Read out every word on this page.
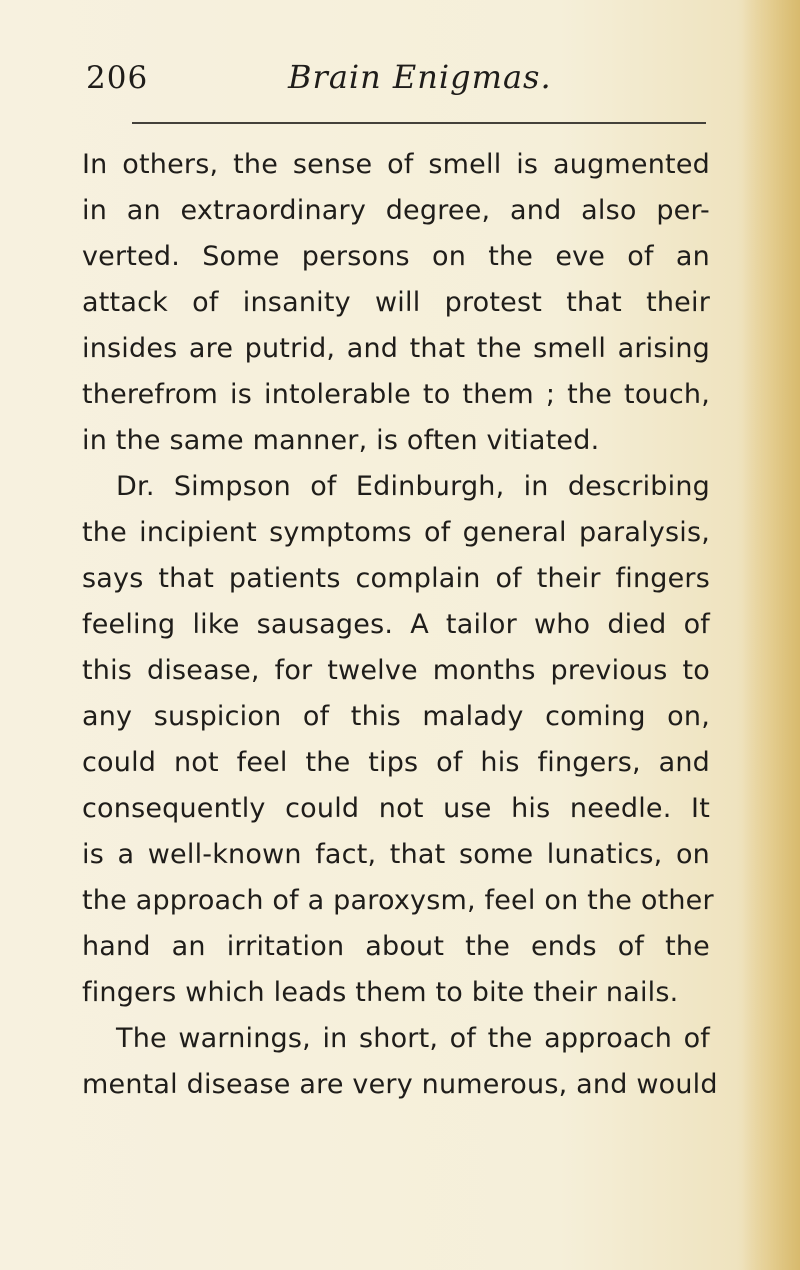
206	Brain Enigmas.
In others, the sense of smell is augmented
in an extraordinary degree, and also per-
verted. Some persons on the eve of an
attack of insanity will protest that their
insides are putrid, and that the smell arising
therefrom is intolerable to them ; the touch,
in the same manner, is often vitiated.
Dr. Simpson of Edinburgh, in describing
the incipient symptoms of general paralysis,
says that patients complain of their fingers
feeling like sausages. A tailor who died of
this disease, for twelve months previous to
any suspicion of this malady coming on,
could not feel the tips of his fingers, and
consequently could not use his needle. It
is a well-known fact, that some lunatics, on
the approach of a paroxysm, feel on the other
hand an irritation about the ends of the
fingers which leads them to bite their nails.
The warnings, in short, of the approach of
mental disease are very numerous, and would
